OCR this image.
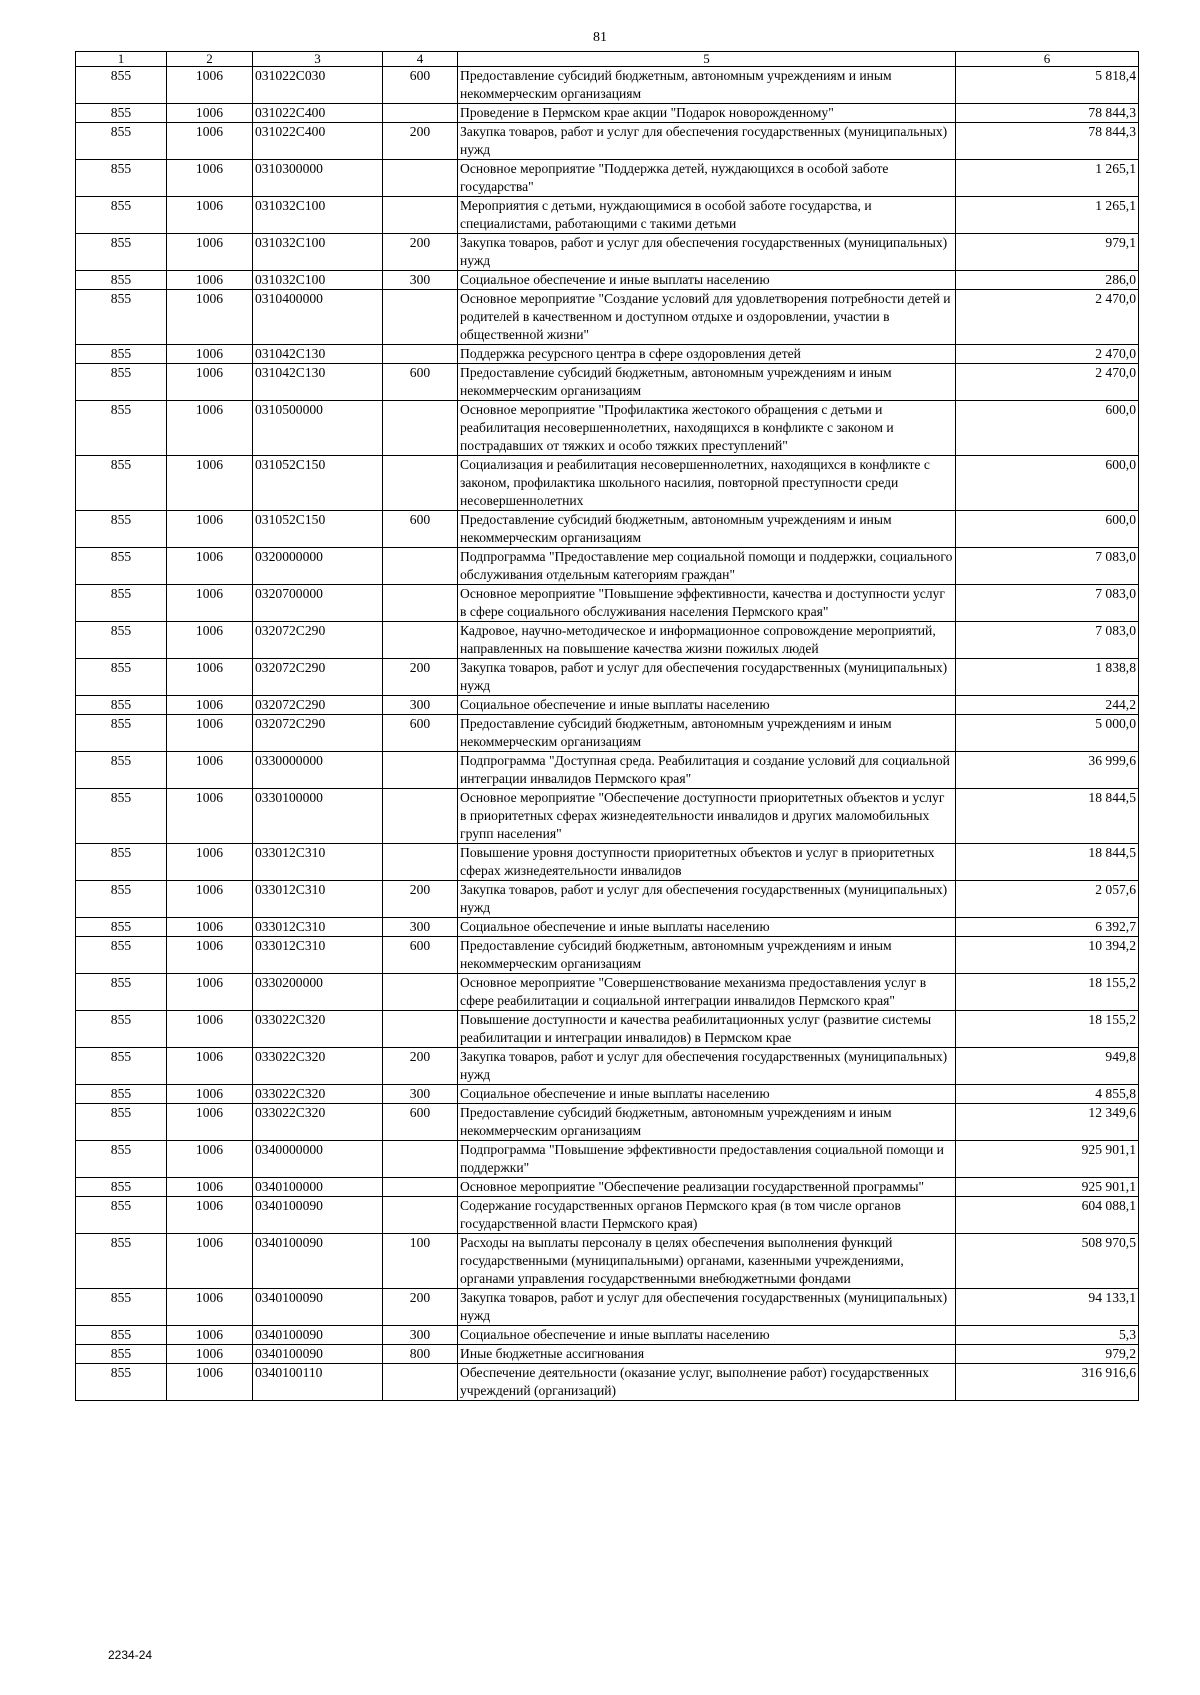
81
1	2	3	4	5	6
855	1006	031022С030	600	Предоставление субсидий бюджетным, автономным учреждениям и иным некоммерческим организациям	5 818,4
855	1006	031022С400		Проведение в Пермском крае акции "Подарок новорожденному"	78 844,3
855	1006	031022С400	200	Закупка товаров, работ и услуг для обеспечения государственных (муниципальных) нужд	78 844,3
855	1006	0310300000		Основное мероприятие "Поддержка детей, нуждающихся в особой заботе государства"	1 265,1
855	1006	031032С100		Мероприятия с детьми, нуждающимися в особой заботе государства, и специалистами, работающими с такими детьми	1 265,1
855	1006	031032С100	200	Закупка товаров, работ и услуг для обеспечения государственных (муниципальных) нужд	979,1
855	1006	031032С100	300	Социальное обеспечение и иные выплаты населению	286,0
855	1006	0310400000		Основное мероприятие "Создание условий для удовлетворения потребности детей и родителей в качественном и доступном отдыхе и оздоровлении, участии в общественной жизни"	2 470,0
855	1006	031042С130		Поддержка ресурсного центра в сфере оздоровления детей	2 470,0
855	1006	031042С130	600	Предоставление субсидий бюджетным, автономным учреждениям и иным некоммерческим организациям	2 470,0
855	1006	0310500000		Основное мероприятие "Профилактика жестокого обращения с детьми и реабилитация несовершеннолетних, находящихся в конфликте с законом и пострадавших от тяжких и особо тяжких преступлений"	600,0
855	1006	031052С150		Социализация и реабилитация несовершеннолетних, находящихся в конфликте с законом, профилактика школьного насилия, повторной преступности среди несовершеннолетних	600,0
855	1006	031052С150	600	Предоставление субсидий бюджетным, автономным учреждениям и иным некоммерческим организациям	600,0
855	1006	0320000000		Подпрограмма "Предоставление мер социальной помощи и поддержки, социального обслуживания отдельным категориям граждан"	7 083,0
855	1006	0320700000		Основное мероприятие "Повышение эффективности, качества и доступности услуг в сфере социального обслуживания населения Пермского края"	7 083,0
855	1006	032072С290		Кадровое, научно-методическое и информационное сопровождение мероприятий, направленных на повышение качества жизни пожилых людей	7 083,0
855	1006	032072С290	200	Закупка товаров, работ и услуг для обеспечения государственных (муниципальных) нужд	1 838,8
855	1006	032072С290	300	Социальное обеспечение и иные выплаты населению	244,2
855	1006	032072С290	600	Предоставление субсидий бюджетным, автономным учреждениям и иным некоммерческим организациям	5 000,0
855	1006	0330000000		Подпрограмма "Доступная среда. Реабилитация и создание условий для социальной интеграции инвалидов Пермского края"	36 999,6
855	1006	0330100000		Основное мероприятие "Обеспечение доступности приоритетных объектов и услуг в приоритетных сферах жизнедеятельности инвалидов и других маломобильных групп населения"	18 844,5
855	1006	033012С310		Повышение уровня доступности приоритетных объектов и услуг в приоритетных сферах жизнедеятельности инвалидов	18 844,5
855	1006	033012С310	200	Закупка товаров, работ и услуг для обеспечения государственных (муниципальных) нужд	2 057,6
855	1006	033012С310	300	Социальное обеспечение и иные выплаты населению	6 392,7
855	1006	033012С310	600	Предоставление субсидий бюджетным, автономным учреждениям и иным некоммерческим организациям	10 394,2
855	1006	0330200000		Основное мероприятие "Совершенствование механизма предоставления услуг в сфере реабилитации и социальной интеграции инвалидов Пермского края"	18 155,2
855	1006	033022С320		Повышение доступности и качества реабилитационных услуг (развитие системы реабилитации и интеграции инвалидов) в Пермском крае	18 155,2
855	1006	033022С320	200	Закупка товаров, работ и услуг для обеспечения государственных (муниципальных) нужд	949,8
855	1006	033022С320	300	Социальное обеспечение и иные выплаты населению	4 855,8
855	1006	033022С320	600	Предоставление субсидий бюджетным, автономным учреждениям и иным некоммерческим организациям	12 349,6
855	1006	0340000000		Подпрограмма "Повышение эффективности предоставления социальной помощи и поддержки"	925 901,1
855	1006	0340100000		Основное мероприятие "Обеспечение реализации государственной программы"	925 901,1
855	1006	0340100090		Содержание государственных органов Пермского края (в том числе органов государственной власти Пермского края)	604 088,1
855	1006	0340100090	100	Расходы на выплаты персоналу в целях обеспечения выполнения функций государственными (муниципальными) органами, казенными учреждениями, органами управления государственными внебюджетными фондами	508 970,5
855	1006	0340100090	200	Закупка товаров, работ и услуг для обеспечения государственных (муниципальных) нужд	94 133,1
855	1006	0340100090	300	Социальное обеспечение и иные выплаты населению	5,3
855	1006	0340100090	800	Иные бюджетные ассигнования	979,2
855	1006	0340100110		Обеспечение деятельности (оказание услуг, выполнение работ) государственных учреждений (организаций)	316 916,6
2234-24
